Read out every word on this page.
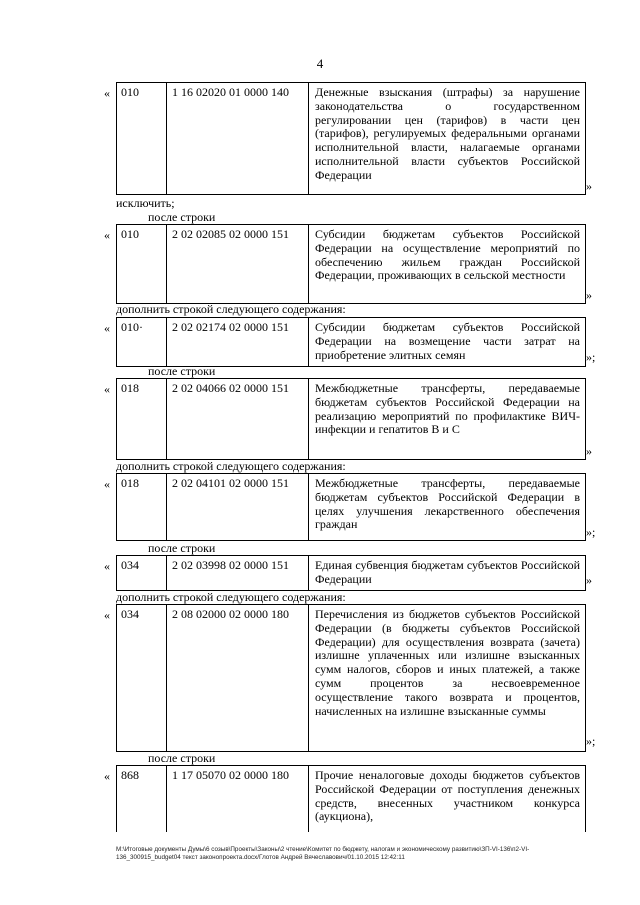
4
« 010	1 16 02020 01 0000 140	Денежные взыскания (штрафы) за нарушение законодательства о государственном регулировании цен (тарифов) в части цен (тарифов), регулируемых федеральными органами исполнительной власти, налагаемые органами исполнительной власти субъектов Российской Федерации
»
исключить;
после строки
« 010	2 02 02085 02 0000 151	Субсидии бюджетам субъектов Российской Федерации на осуществление мероприятий по обеспечению жильем граждан Российской Федерации, проживающих в сельской местности
»
дополнить строкой следующего содержания:
« 010·	2 02 02174 02 0000 151	Субсидии бюджетам субъектов Российской Федерации на возмещение части затрат на приобретение элитных семян	»;
после строки
« 018	2 02 04066 02 0000 151	Межбюджетные трансферты, передаваемые бюджетам субъектов Российской Федерации на реализацию мероприятий по профилактике ВИЧ-инфекции и гепатитов В и С
»
дополнить строкой следующего содержания:
« 018	2 02 04101 02 0000 151	Межбюджетные трансферты, передаваемые бюджетам субъектов Российской Федерации в целях улучшения лекарственного обеспечения граждан
»;
после строки
« 034	2 02 03998 02 0000 151	Единая субвенция бюджетам субъектов Российской Федерации	»
дополнить строкой следующего содержания:
« 034	2 08 02000 02 0000 180	Перечисления из бюджетов субъектов Российской Федерации (в бюджеты субъектов Российской Федерации) для осуществления возврата (зачета) излишне уплаченных или излишне взысканных сумм налогов, сборов и иных платежей, а также сумм процентов за несвоевременное осуществление такого возврата и процентов, начисленных на излишне взысканные суммы
»;
после строки
« 868	1 17 05070 02 0000 180	Прочие неналоговые доходы бюджетов субъектов Российской Федерации от поступления денежных средств, внесенных участником конкурса (аукциона),
M:\Итоговые документы Думы\6 созыв\Проекты\Законы\2 чтение\Комитет по бюджету, налогам и экономическому развитию\ЗП-VI-136\п2-VI-136_300915_budget04 текст законопроекта.docx/Глотов Андрей Вячеславович/01.10.2015 12:42:11
